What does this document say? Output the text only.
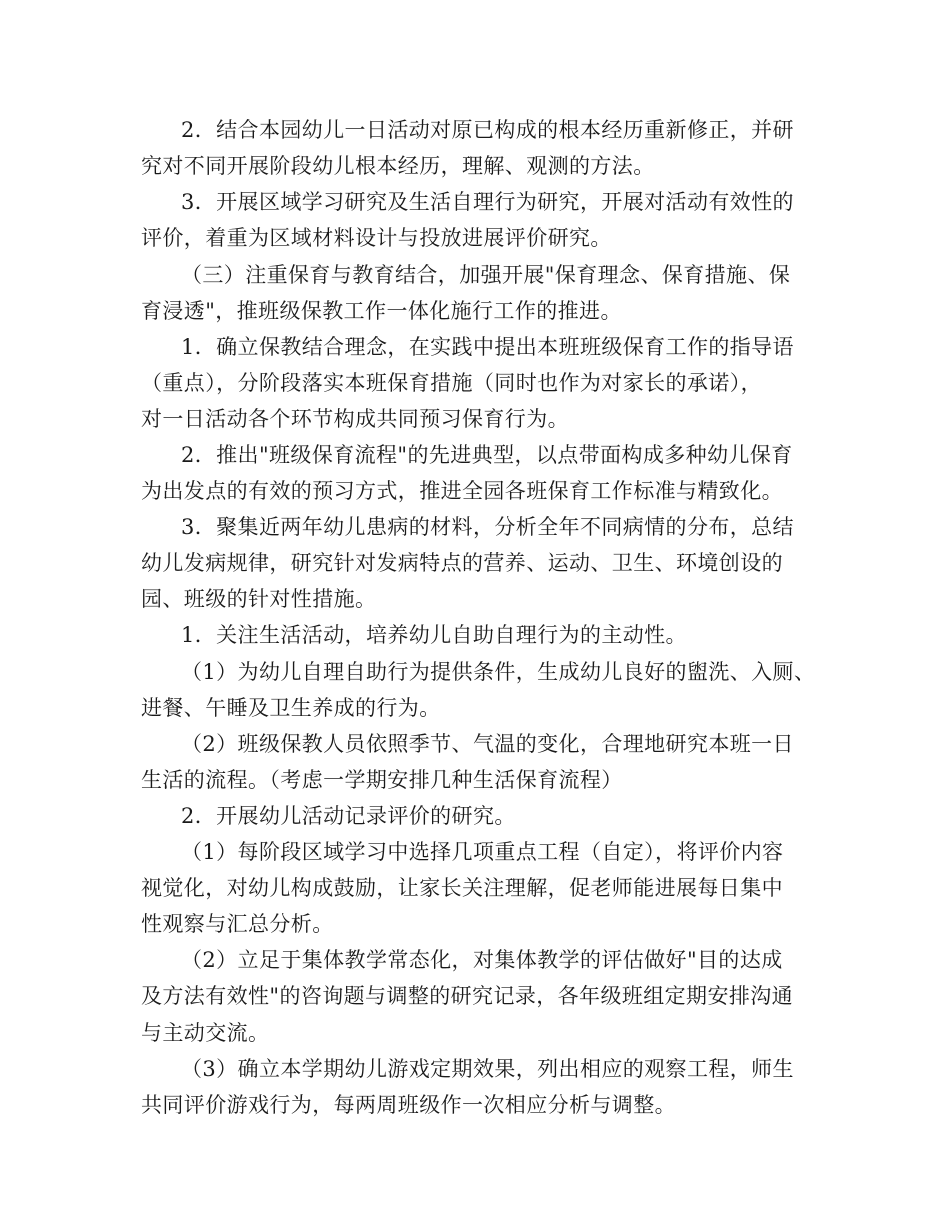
2．结合本园幼儿一日活动对原已构成的根本经历重新修正，并研
究对不同开展阶段幼儿根本经历，理解、观测的方法。
3．开展区域学习研究及生活自理行为研究，开展对活动有效性的
评价，着重为区域材料设计与投放进展评价研究。
（三）注重保育与教育结合，加强开展"保育理念、保育措施、保
育浸透"，推班级保教工作一体化施行工作的推进。
1．确立保教结合理念，在实践中提出本班班级保育工作的指导语
（重点），分阶段落实本班保育措施（同时也作为对家长的承诺），
对一日活动各个环节构成共同预习保育行为。
2．推出"班级保育流程"的先进典型，以点带面构成多种幼儿保育
为出发点的有效的预习方式，推进全园各班保育工作标准与精致化。
3．聚集近两年幼儿患病的材料，分析全年不同病情的分布，总结
幼儿发病规律，研究针对发病特点的营养、运动、卫生、环境创设的
园、班级的针对性措施。
1．关注生活活动，培养幼儿自助自理行为的主动性。
（1）为幼儿自理自助行为提供条件，生成幼儿良好的盥洗、入厕、
进餐、午睡及卫生养成的行为。
（2）班级保教人员依照季节、气温的变化，合理地研究本班一日
生活的流程。（考虑一学期安排几种生活保育流程）
2．开展幼儿活动记录评价的研究。
（1）每阶段区域学习中选择几项重点工程（自定），将评价内容
视觉化，对幼儿构成鼓励，让家长关注理解，促老师能进展每日集中
性观察与汇总分析。
（2）立足于集体教学常态化，对集体教学的评估做好"目的达成
及方法有效性"的咨询题与调整的研究记录，各年级班组定期安排沟通
与主动交流。
（3）确立本学期幼儿游戏定期效果，列出相应的观察工程，师生
共同评价游戏行为，每两周班级作一次相应分析与调整。
